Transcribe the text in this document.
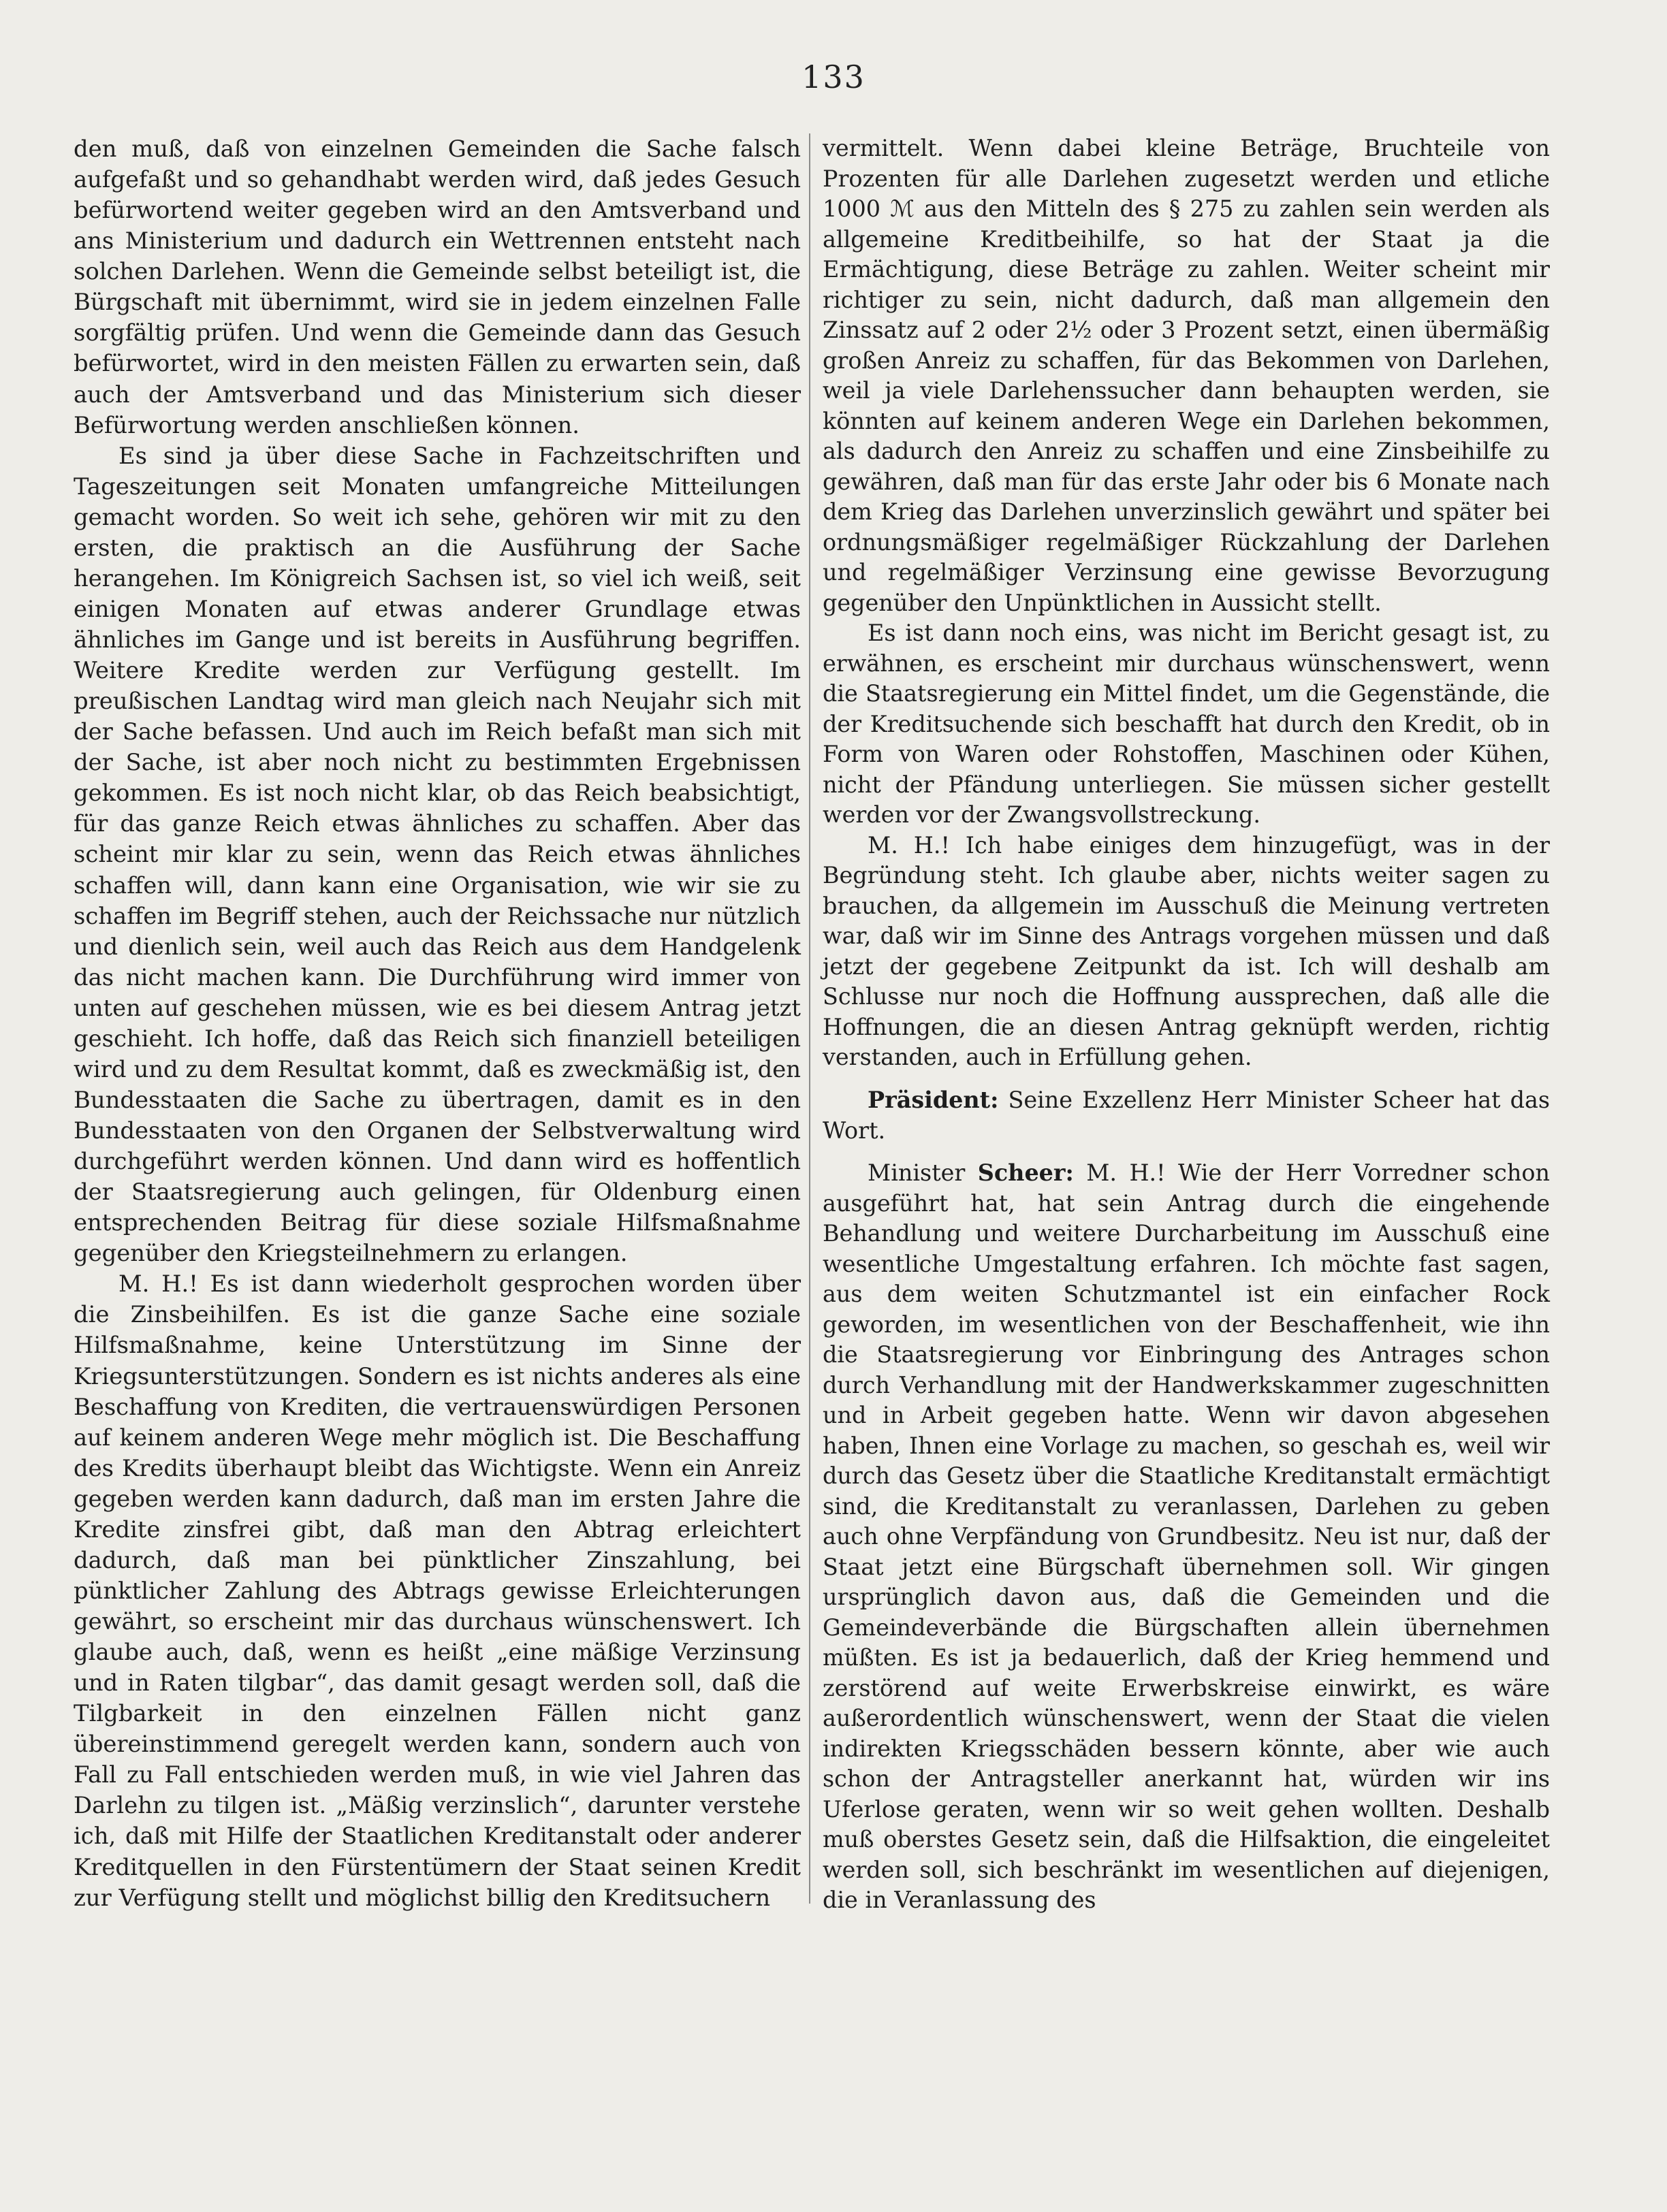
133

den muß, daß von einzelnen Gemeinden die Sache falsch aufgefaßt und so gehandhabt werden wird, daß jedes Gesuch befürwortend weiter gegeben wird an den Amtsverband und ans Ministerium und dadurch ein Wettrennen entsteht nach solchen Darlehen. Wenn die Gemeinde selbst beteiligt ist, die Bürgschaft mit übernimmt, wird sie in jedem einzelnen Falle sorgfältig prüfen. Und wenn die Gemeinde dann das Gesuch befürwortet, wird in den meisten Fällen zu erwarten sein, daß auch der Amtsverband und das Ministerium sich dieser Befürwortung werden anschließen können.

Es sind ja über diese Sache in Fachzeitschriften und Tageszeitungen seit Monaten umfangreiche Mitteilungen gemacht worden. So weit ich sehe, gehören wir mit zu den ersten, die praktisch an die Ausführung der Sache herangehen. Im Königreich Sachsen ist, so viel ich weiß, seit einigen Monaten auf etwas anderer Grundlage etwas ähnliches im Gange und ist bereits in Ausführung begriffen. Weitere Kredite werden zur Verfügung gestellt. Im preußischen Landtag wird man gleich nach Neujahr sich mit der Sache befassen. Und auch im Reich befaßt man sich mit der Sache, ist aber noch nicht zu bestimmten Ergebnissen gekommen. Es ist noch nicht klar, ob das Reich beabsichtigt, für das ganze Reich etwas ähnliches zu schaffen. Aber das scheint mir klar zu sein, wenn das Reich etwas ähnliches schaffen will, dann kann eine Organisation, wie wir sie zu schaffen im Begriff stehen, auch der Reichssache nur nützlich und dienlich sein, weil auch das Reich aus dem Handgelenk das nicht machen kann. Die Durchführung wird immer von unten auf geschehen müssen, wie es bei diesem Antrag jetzt geschieht. Ich hoffe, daß das Reich sich finanziell beteiligen wird und zu dem Resultat kommt, daß es zweckmäßig ist, den Bundesstaaten die Sache zu übertragen, damit es in den Bundesstaaten von den Organen der Selbstverwaltung wird durchgeführt werden können. Und dann wird es hoffentlich der Staatsregierung auch gelingen, für Oldenburg einen entsprechenden Beitrag für diese soziale Hilfsmaßnahme gegenüber den Kriegsteilnehmern zu erlangen.

M. H.! Es ist dann wiederholt gesprochen worden über die Zinsbeihilfen. Es ist die ganze Sache eine soziale Hilfsmaßnahme, keine Unterstützung im Sinne der Kriegsunterstützungen. Sondern es ist nichts anderes als eine Beschaffung von Krediten, die vertrauenswürdigen Personen auf keinem anderen Wege mehr möglich ist. Die Beschaffung des Kredits überhaupt bleibt das Wichtigste. Wenn ein Anreiz gegeben werden kann dadurch, daß man im ersten Jahre die Kredite zinsfrei gibt, daß man den Abtrag erleichtert dadurch, daß man bei pünktlicher Zinszahlung, bei pünktlicher Zahlung des Abtrags gewisse Erleichterungen gewährt, so erscheint mir das durchaus wünschenswert. Ich glaube auch, daß, wenn es heißt „eine mäßige Verzinsung und in Raten tilgbar“, das damit gesagt werden soll, daß die Tilgbarkeit in den einzelnen Fällen nicht ganz übereinstimmend geregelt werden kann, sondern auch von Fall zu Fall entschieden werden muß, in wie viel Jahren das Darlehn zu tilgen ist. „Mäßig verzinslich“, darunter verstehe ich, daß mit Hilfe der Staatlichen Kreditanstalt oder anderer Kreditquellen in den Fürstentümern der Staat seinen Kredit zur Verfügung stellt und möglichst billig den Kreditsuchern

vermittelt. Wenn dabei kleine Beträge, Bruchteile von Prozenten für alle Darlehen zugesetzt werden und etliche 1000 ℳ aus den Mitteln des § 275 zu zahlen sein werden als allgemeine Kreditbeihilfe, so hat der Staat ja die Ermächtigung, diese Beträge zu zahlen. Weiter scheint mir richtiger zu sein, nicht dadurch, daß man allgemein den Zinssatz auf 2 oder 2½ oder 3 Prozent setzt, einen übermäßig großen Anreiz zu schaffen, für das Bekommen von Darlehen, weil ja viele Darlehenssucher dann behaupten werden, sie könnten auf keinem anderen Wege ein Darlehen bekommen, als dadurch den Anreiz zu schaffen und eine Zinsbeihilfe zu gewähren, daß man für das erste Jahr oder bis 6 Monate nach dem Krieg das Darlehen unverzinslich gewährt und später bei ordnungsmäßiger regelmäßiger Rückzahlung der Darlehen und regelmäßiger Verzinsung eine gewisse Bevorzugung gegenüber den Unpünktlichen in Aussicht stellt.

Es ist dann noch eins, was nicht im Bericht gesagt ist, zu erwähnen, es erscheint mir durchaus wünschenswert, wenn die Staatsregierung ein Mittel findet, um die Gegenstände, die der Kreditsuchende sich beschafft hat durch den Kredit, ob in Form von Waren oder Rohstoffen, Maschinen oder Kühen, nicht der Pfändung unterliegen. Sie müssen sicher gestellt werden vor der Zwangsvollstreckung.

M. H.! Ich habe einiges dem hinzugefügt, was in der Begründung steht. Ich glaube aber, nichts weiter sagen zu brauchen, da allgemein im Ausschuß die Meinung vertreten war, daß wir im Sinne des Antrags vorgehen müssen und daß jetzt der gegebene Zeitpunkt da ist. Ich will deshalb am Schlusse nur noch die Hoffnung aussprechen, daß alle die Hoffnungen, die an diesen Antrag geknüpft werden, richtig verstanden, auch in Erfüllung gehen.

Präsident: Seine Exzellenz Herr Minister Scheer hat das Wort.

Minister Scheer: M. H.! Wie der Herr Vorredner schon ausgeführt hat, hat sein Antrag durch die eingehende Behandlung und weitere Durcharbeitung im Ausschuß eine wesentliche Umgestaltung erfahren. Ich möchte fast sagen, aus dem weiten Schutzmantel ist ein einfacher Rock geworden, im wesentlichen von der Beschaffenheit, wie ihn die Staatsregierung vor Einbringung des Antrages schon durch Verhandlung mit der Handwerkskammer zugeschnitten und in Arbeit gegeben hatte. Wenn wir davon abgesehen haben, Ihnen eine Vorlage zu machen, so geschah es, weil wir durch das Gesetz über die Staatliche Kreditanstalt ermächtigt sind, die Kreditanstalt zu veranlassen, Darlehen zu geben auch ohne Verpfändung von Grundbesitz. Neu ist nur, daß der Staat jetzt eine Bürgschaft übernehmen soll. Wir gingen ursprünglich davon aus, daß die Gemeinden und die Gemeindeverbände die Bürgschaften allein übernehmen müßten. Es ist ja bedauerlich, daß der Krieg hemmend und zerstörend auf weite Erwerbskreise einwirkt, es wäre außerordentlich wünschenswert, wenn der Staat die vielen indirekten Kriegsschäden bessern könnte, aber wie auch schon der Antragsteller anerkannt hat, würden wir ins Uferlose geraten, wenn wir so weit gehen wollten. Deshalb muß oberstes Gesetz sein, daß die Hilfsaktion, die eingeleitet werden soll, sich beschränkt im wesentlichen auf diejenigen, die in Veranlassung des
